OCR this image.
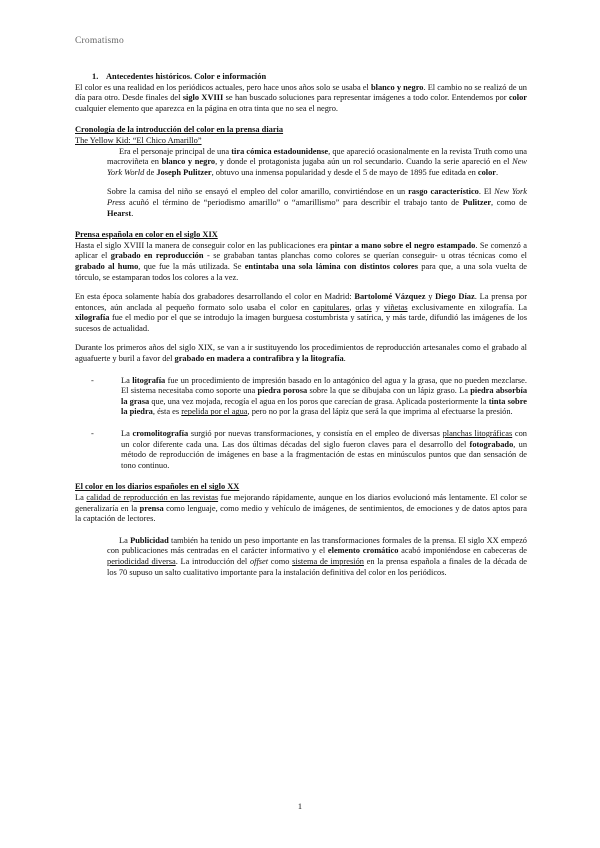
Cromatismo

1. Antecedentes históricos. Color e información

El color es una realidad en los periódicos actuales, pero hace unos años solo se usaba el blanco y negro. El cambio no se realizó de un día para otro. Desde finales del siglo XVIII se han buscado soluciones para representar imágenes a todo color. Entendemos por color cualquier elemento que aparezca en la página en otra tinta que no sea el negro.

Cronología de la introducción del color en la prensa diaria

The Yellow Kid: “El Chico Amarillo”

Era el personaje principal de una tira cómica estadounidense, que apareció ocasionalmente en la revista Truth como una macroviñeta en blanco y negro, y donde el protagonista jugaba aún un rol secundario. Cuando la serie apareció en el New York World de Joseph Pulitzer, obtuvo una inmensa popularidad y desde el 5 de mayo de 1895 fue editada en color.

Sobre la camisa del niño se ensayó el empleo del color amarillo, convirtiéndose en un rasgo característico. El New York Press acuñó el término de “periodismo amarillo” o “amarillismo” para describir el trabajo tanto de Pulitzer, como de Hearst.

Prensa española en color en el siglo XIX

Hasta el siglo XVIII la manera de conseguir color en las publicaciones era pintar a mano sobre el negro estampado. Se comenzó a aplicar el grabado en reproducción - se grababan tantas planchas como colores se querían conseguir- u otras técnicas como el grabado al humo, que fue la más utilizada. Se entintaba una sola lámina con distintos colores para que, a una sola vuelta de tórculo, se estamparan todos los colores a la vez.

En esta época solamente había dos grabadores desarrollando el color en Madrid: Bartolomé Vázquez y Diego Díaz. La prensa por entonces, aún anclada al pequeño formato solo usaba el color en capitulares, orlas y viñetas exclusivamente en xilografía. La xilografía fue el medio por el que se introdujo la imagen burguesa costumbrista y satírica, y más tarde, difundió las imágenes de los sucesos de actualidad.

Durante los primeros años del siglo XIX, se van a ir sustituyendo los procedimientos de reproducción artesanales como el grabado al aguafuerte y buril a favor del grabado en madera a contrafibra y la litografía.

-	La litografía fue un procedimiento de impresión basado en lo antagónico del agua y la grasa, que no pueden mezclarse. El sistema necesitaba como soporte una piedra porosa sobre la que se dibujaba con un lápiz graso. La piedra absorbía la grasa que, una vez mojada, recogía el agua en los poros que carecían de grasa. Aplicada posteriormente la tinta sobre la piedra, ésta es repelida por el agua, pero no por la grasa del lápiz que será la que imprima al efectuarse la presión.

-	La cromolitografía surgió por nuevas transformaciones, y consistía en el empleo de diversas planchas litográficas con un color diferente cada una. Las dos últimas décadas del siglo fueron claves para el desarrollo del fotograbado, un método de reproducción de imágenes en base a la fragmentación de estas en minúsculos puntos que dan sensación de tono continuo.

El color en los diarios españoles en el siglo XX

La calidad de reproducción en las revistas fue mejorando rápidamente, aunque en los diarios evolucionó más lentamente. El color se generalizaría en la prensa como lenguaje, como medio y vehículo de imágenes, de sentimientos, de emociones y de datos aptos para la captación de lectores.

La Publicidad también ha tenido un peso importante en las transformaciones formales de la prensa. El siglo XX empezó con publicaciones más centradas en el carácter informativo y el elemento cromático acabó imponiéndose en cabeceras de periodicidad diversa. La introducción del offset como sistema de impresión en la prensa española a finales de la década de los 70 supuso un salto cualitativo importante para la instalación definitiva del color en los periódicos.

1
